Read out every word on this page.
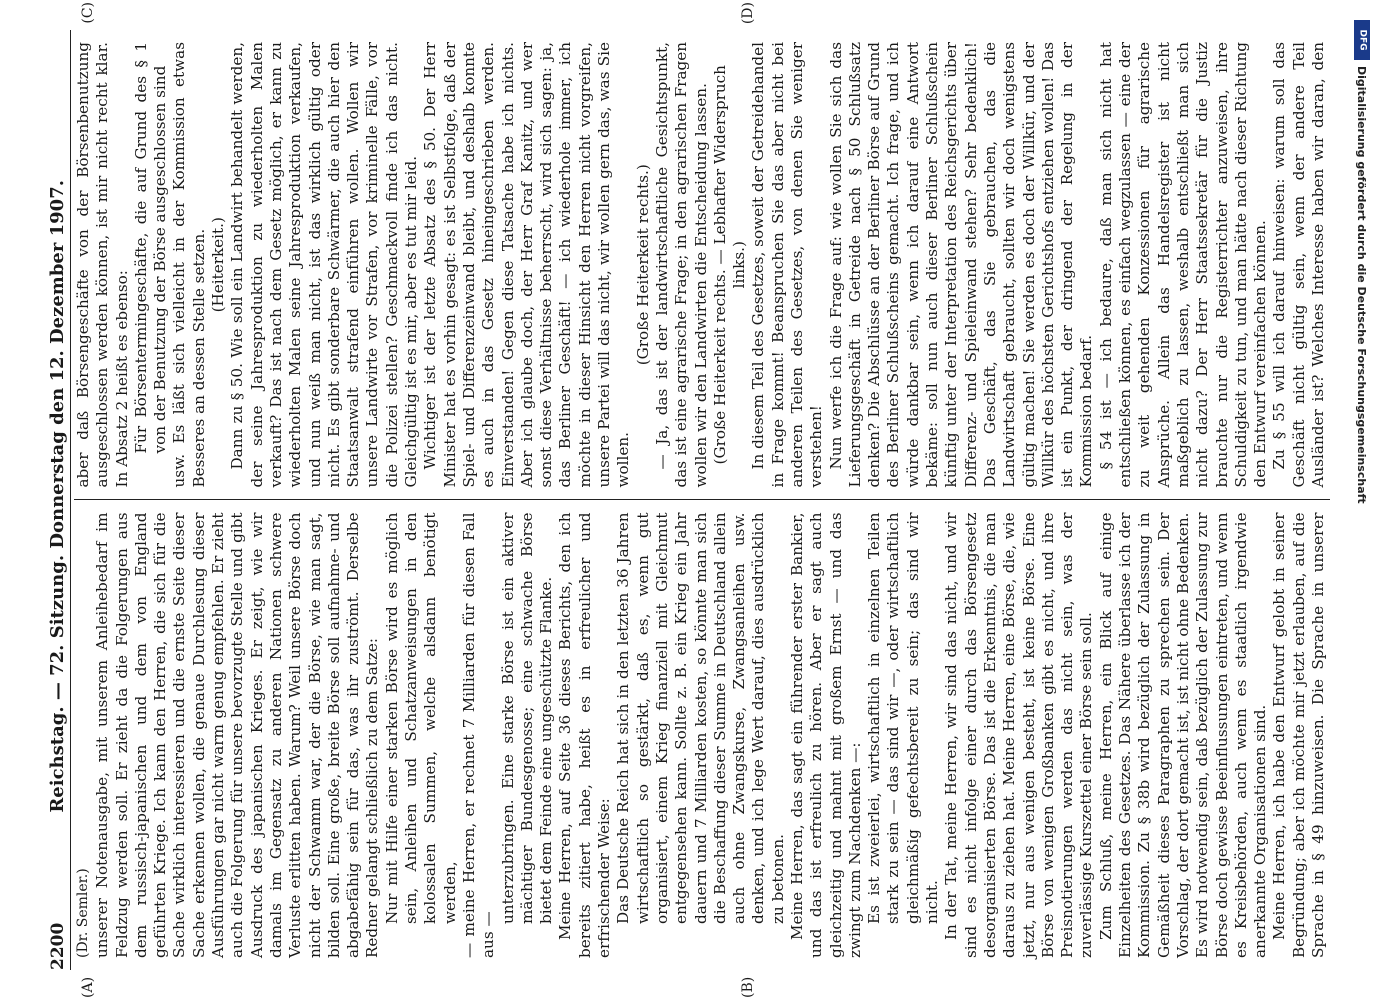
2200
Reichstag. — 72. Sitzung. Donnerstag den 12. Dezember 1907.
(A)	(B)
(C)	(D)

(Dr. Semler.) unserer Notenausgabe, mit unserem Anleihebedarf im Feldzug werden soll. Er zieht da die Folgerungen aus dem russisch-japanischen und dem von England geführten Kriege. Ich kann den Herren, die sich für die Sache wirklich interessieren und die ernste Seite dieser Sache erkennen wollen, die genaue Durchlesung dieser Ausführungen gar nicht warm genug empfehlen. Er zieht auch die Folgerung für unsere bevorzugte Stelle und gibt Ausdruck des japanischen Krieges. Er zeigt, wie wir damals im Gegensatz zu anderen Nationen schwere Verluste erlitten haben. Warum? Weil unsere Börse doch nicht der Schwamm war, der die Börse, wie man sagt, bilden soll. Eine große, breite Börse soll aufnahme- und abgabefähig sein für das, was ihr zuströmt. Derselbe Redner gelangt schließlich zu dem Satze: Nur mit Hilfe einer starken Börse wird es möglich sein, Anleihen und Schatzanweisungen in den kolossalen Summen, welche alsdann benötigt werden, — meine Herren, er rechnet 7 Milliarden für diesen Fall aus —

unterzubringen. Eine starke Börse ist ein aktiver mächtiger Bundesgenosse; eine schwache Börse bietet dem Feinde eine ungeschützte Flanke. Meine Herren, auf Seite 36 dieses Berichts, den ich bereits zitiert habe, heißt es in erfreulicher und erfrischender Weise: Das Deutsche Reich hat sich in den letzten 36 Jahren wirtschaftlich so gestärkt, daß es, wenn gut organisiert, einem Krieg finanziell mit Gleichmut entgegensehen kann. Sollte z. B. ein Krieg ein Jahr dauern und 7 Milliarden kosten, so könnte man sich die Beschaffung dieser Summe in Deutschland allein auch ohne Zwangskurse, Zwangsanleihen usw. denken, und ich lege Wert darauf, dies ausdrücklich zu betonen. Meine Herren, das sagt ein führender erster Bankier, und das ist erfreulich zu hören. Aber er sagt auch gleichzeitig und mahnt mit großem Ernst — und das zwingt zum Nachdenken —: Es ist zweierlei, wirtschaftlich in einzelnen Teilen stark zu sein — das sind wir —, oder wirtschaftlich gleichmäßig gefechtsbereit zu sein; das sind wir nicht. In der Tat, meine Herren, wir sind das nicht, und wir sind es nicht infolge einer durch das Börsengesetz desorganisierten Börse. Das ist die Erkenntnis, die man daraus zu ziehen hat. Meine Herren, eine Börse, die, wie jetzt, nur aus wenigen besteht, ist keine Börse. Eine Börse von wenigen Großbanken gibt es nicht, und ihre Preisnotierungen werden das nicht sein, was der zuverlässige Kurszettel einer Börse sein soll. Zum Schluß, meine Herren, ein Blick auf einige Einzelheiten des Gesetzes. Das Nähere überlasse ich der Kommission. Zu § 38b wird bezüglich der Zulassung in Gemäßheit dieses Paragraphen zu sprechen sein. Der Vorschlag, der dort gemacht ist, ist nicht ohne Bedenken. Es wird notwendig sein, daß bezüglich der Zulassung zur Börse doch gewisse Beeinflussungen eintreten, und wenn es Kreisbehörden, auch wenn es staatlich irgendwie anerkannte Organisationen sind. Meine Herren, ich habe den Entwurf gelobt in seiner Begründung; aber ich möchte mir jetzt erlauben, auf die Sprache in § 49 hinzuweisen. Die Sprache in unserer

aber daß Börsengeschäfte von der Börsenbenutzung ausgeschlossen werden können, ist mir nicht recht klar. In Absatz 2 heißt es ebenso: Für Börsentermingeschäfte, die auf Grund des § 1 von der Benutzung der Börse ausgeschlossen sind usw. Es läßt sich vielleicht in der Kommission etwas Besseres an dessen Stelle setzen. (Heiterkeit.) Dann zu § 50. Wie soll ein Landwirt behandelt werden, der seine Jahresproduktion zu wiederholten Malen verkauft? Das ist nach dem Gesetz möglich, er kann zu wiederholten Malen seine Jahresproduktion verkaufen, und nun weiß man nicht, ist das wirklich gültig oder nicht. Es gibt sonderbare Schwärmer, die auch hier den Staatsanwalt strafend einführen wollen. Wollen wir unsere Landwirte vor Strafen, vor kriminelle Fälle, vor die Polizei stellen? Geschmackvoll finde ich das nicht. Gleichgültig ist es mir, aber es tut mir leid. Wichtiger ist der letzte Absatz des § 50. Der Herr Minister hat es vorhin gesagt: es ist Selbstfolge, daß der Spiel- und Differenzeinwand bleibt, und deshalb konnte es auch in das Gesetz hineingeschrieben werden. Einverstanden! Gegen diese Tatsache habe ich nichts. Aber ich glaube doch, der Herr Graf Kanitz, und wer sonst diese Verhältnisse beherrscht, wird sich sagen: ja, das Berliner Geschäft! — ich wiederhole immer, ich möchte in dieser Hinsicht den Herren nicht vorgreifen, unsere Partei will das nicht, wir wollen gern das, was Sie wollen.

(Große Heiterkeit rechts.) — Ja, das ist der landwirtschaftliche Gesichtspunkt, das ist eine agrarische Frage; in den agrarischen Fragen wollen wir den Landwirten die Entscheidung lassen. (Große Heiterkeit rechts. — Lebhafter Widerspruch links.) In diesem Teil des Gesetzes, soweit der Getreidehandel in Frage kommt! Beanspruchen Sie das aber nicht bei anderen Teilen des Gesetzes, von denen Sie weniger verstehen! Nun werfe ich die Frage auf: wie wollen Sie sich das Lieferungsgeschäft in Getreide nach § 50 Schlußsatz denken? Die Abschlüsse an der Berliner Börse auf Grund des Berliner Schlußscheins gemacht. Ich frage, und ich würde dankbar sein, wenn ich darauf eine Antwort bekäme: soll nun auch dieser Berliner Schlußschein künftig unter der Interpretation des Reichsgerichts über Differenz- und Spieleinwand stehen? Sehr bedenklich! Das Geschäft, das Sie gebrauchen, das die Landwirtschaft gebraucht, sollten wir doch wenigstens gültig machen! Sie werden es doch der Willkür, und der Willkür des höchsten Gerichtshofs entziehen wollen! Das ist ein Punkt, der dringend der Regelung in der Kommission bedarf. § 54 ist — ich bedaure, daß man sich nicht hat entschließen können, es einfach wegzulassen — eine der zu weit gehenden Konzessionen für agrarische Ansprüche. Allein das Handelsregister ist nicht maßgeblich zu lassen, weshalb entschließt man sich nicht dazu? Der Herr Staatssekretär für die Justiz brauchte nur die Registerrichter anzuweisen, ihre Schuldigkeit zu tun, und man hätte nach dieser Richtung den Entwurf vereinfachen können. Zu § 55 will ich darauf hinweisen: warum soll das Geschäft nicht gültig sein, wenn der andere Teil Ausländer ist? Welches Interesse haben wir daran, den

DFG
Digitalisierung gefördert durch die Deutsche Forschungsgemeinschaft
